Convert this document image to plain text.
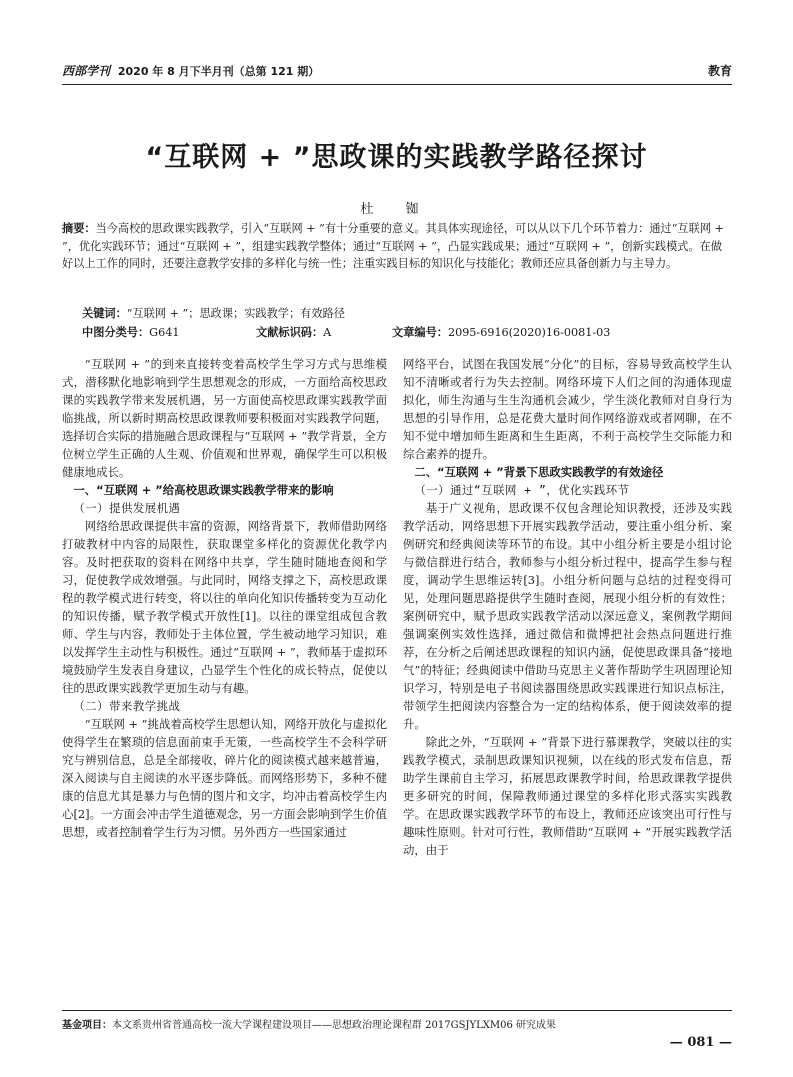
西部学刊 2020 年 8 月下半月刊（总第 121 期）	教育
“互联网 + ”思政课的实践教学路径探讨
杜 铷
摘要：当今高校的思政课实践教学，引入“互联网 + ”有十分重要的意义。其具体实现途径，可以从以下几个环节着力：通过“互联网 + ”，优化实践环节；通过“互联网 + ”，组建实践教学整体；通过“互联网 + ”，凸显实践成果；通过“互联网 + ”，创新实践模式。在做好以上工作的同时，还要注意教学安排的多样化与统一性；注重实践目标的知识化与技能化；教师还应具备创新力与主导力。
关键词：“互联网 + ”；思政课；实践教学；有效路径
中图分类号：G641	文献标识码：A	文章编号：2095-6916(2020)16-0081-03

“互联网 + ”的到来直接转变着高校学生学习方式与思维模式，潜移默化地影响到学生思想观念的形成，一方面给高校思政课的实践教学带来发展机遇，另一方面使高校思政课实践教学面临挑战，所以新时期高校思政课教师要积极面对实践教学问题，选择切合实际的措施融合思政课程与“互联网 + ”教学背景，全方位树立学生正确的人生观、价值观和世界观，确保学生可以积极健康地成长。

一、“互联网 + ”给高校思政课实践教学带来的影响
（一）提供发展机遇

网络给思政课提供丰富的资源，网络背景下，教师借助网络打破教材中内容的局限性，获取课堂多样化的资源优化教学内容。及时把获取的资料在网络中共享，学生随时随地查阅和学习，促使教学成效增强。与此同时，网络支撑之下，高校思政课程的教学模式进行转变，将以往的单向化知识传播转变为互动化的知识传播，赋予教学模式开放性[1]。以往的课堂组成包含教师、学生与内容，教师处于主体位置，学生被动地学习知识，难以发挥学生主动性与积极性。通过“互联网 + ”，教师基于虚拟环境鼓励学生发表自身建议，凸显学生个性化的成长特点，促使以往的思政课实践教学更加生动与有趣。

（二）带来教学挑战

“互联网 + ”挑战着高校学生思想认知，网络开放化与虚拟化使得学生在繁琐的信息面前束手无策，一些高校学生不会科学研究与辨别信息，总是全部接收，碎片化的阅读模式越来越普遍，深入阅读与自主阅读的水平逐步降低。而网络形势下，多种不健康的信息尤其是暴力与色情的图片和文字，均冲击着高校学生内心[2]。一方面会冲击学生道德观念，另一方面会影响到学生价值思想，或者控制着学生行为习惯。另外西方一些国家通过

网络平台，试图在我国发展“分化”的目标，容易导致高校学生认知不清晰或者行为失去控制。网络环境下人们之间的沟通体现虚拟化，师生沟通与生生沟通机会减少，学生淡化教师对自身行为思想的引导作用，总是花费大量时间作网络游戏或者网聊，在不知不觉中增加师生距离和生生距离，不利于高校学生交际能力和综合素养的提升。

二、“互联网 + ”背景下思政实践教学的有效途径
（一）通过“互联网 + ”，优化实践环节

基于广义视角，思政课不仅包含理论知识教授，还涉及实践教学活动，网络思想下开展实践教学活动，要注重小组分析、案例研究和经典阅读等环节的布设。其中小组分析主要是小组讨论与微信群进行结合，教师参与小组分析过程中，提高学生参与程度，调动学生思维运转[3]。小组分析问题与总结的过程变得可见，处理问题思路提供学生随时查阅，展现小组分析的有效性；案例研究中，赋予思政实践教学活动以深远意义，案例教学期间强调案例实效性选择，通过微信和微博把社会热点问题进行推荐，在分析之后阐述思政课程的知识内涵，促使思政课具备“接地气”的特征；经典阅读中借助马克思主义著作帮助学生巩固理论知识学习，特别是电子书阅读器围绕思政实践课进行知识点标注，带领学生把阅读内容整合为一定的结构体系，便于阅读效率的提升。

除此之外，“互联网 + ”背景下进行慕课教学，突破以往的实践教学模式，录制思政课知识视频，以在线的形式发布信息，帮助学生课前自主学习，拓展思政课教学时间，给思政课教学提供更多研究的时间，保障教师通过课堂的多样化形式落实实践教学。在思政课实践教学环节的布设上，教师还应该突出可行性与趣味性原则。针对可行性，教师借助“互联网 + ”开展实践教学活动，由于

基金项目：本文系贵州省普通高校一流大学课程建设项目——思想政治理论课程群 2017GSJYLXM06 研究成果
— 081 —
